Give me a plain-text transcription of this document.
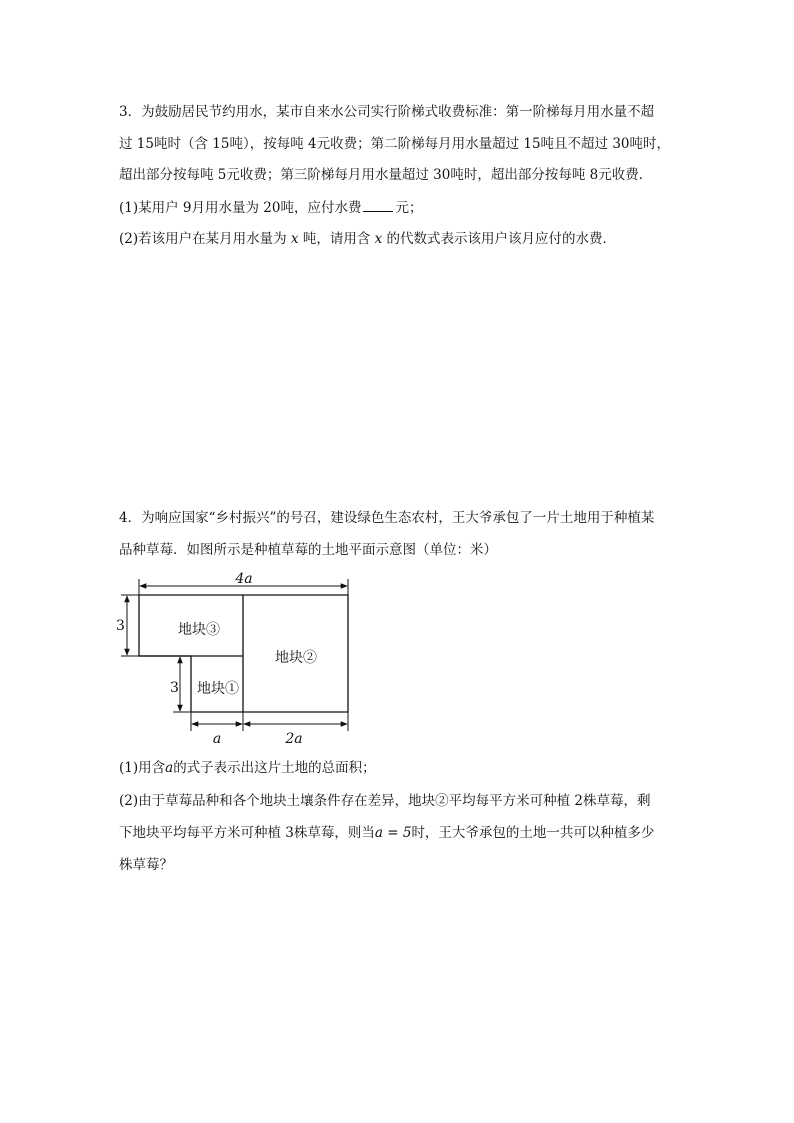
3．为鼓励居民节约用水，某市自来水公司实行阶梯式收费标准：第一阶梯每月用水量不超
过 15吨时（含 15吨），按每吨 4元收费；第二阶梯每月用水量超过 15吨且不超过 30吨时，
超出部分按每吨 5元收费；第三阶梯每月用水量超过 30吨时，超出部分按每吨 8元收费．
(1)某用户 9月用水量为 20吨，应付水费	元；
(2)若该用户在某月用水量为 x 吨，请用含 x 的代数式表示该用户该月应付的水费．
4．为响应国家“乡村振兴”的号召，建设绿色生态农村，王大爷承包了一片土地用于种植某
品种草莓．如图所示是种植草莓的土地平面示意图（单位：米）
4a
3
3
a	2a
地块③
地块②
地块①
(1)用含a的式子表示出这片土地的总面积；
(2)由于草莓品种和各个地块土壤条件存在差异，地块②平均每平方米可种植 2株草莓，剩
下地块平均每平方米可种植 3株草莓，则当a = 5时，王大爷承包的土地一共可以种植多少
株草莓？
